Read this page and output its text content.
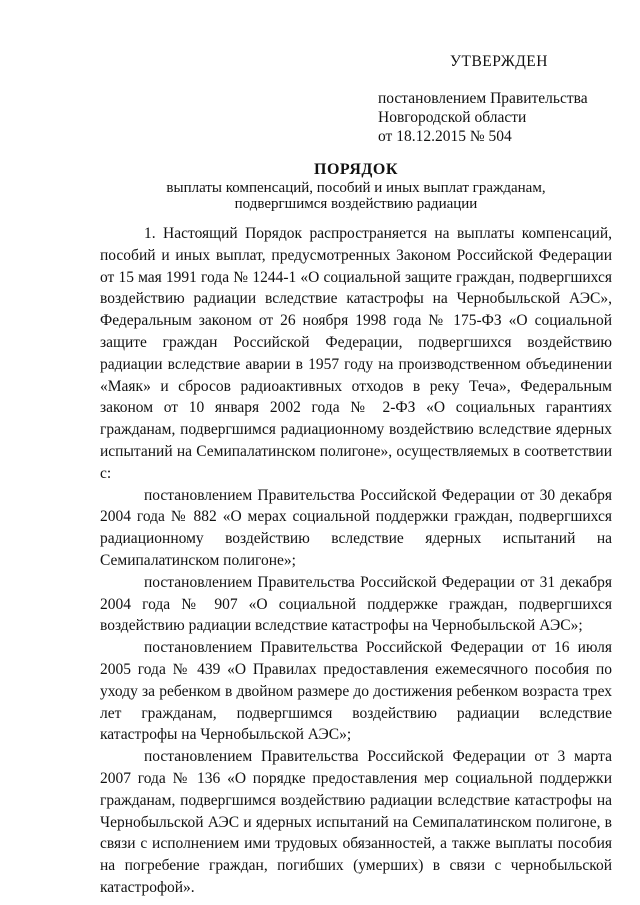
УТВЕРЖДЕН
постановлением Правительства
Новгородской области
от 18.12.2015 № 504
ПОРЯДОК
выплаты компенсаций, пособий и иных выплат гражданам,
подвергшимся воздействию радиации

1. Настоящий Порядок распространяется на выплаты компенсаций, пособий и иных выплат, предусмотренных Законом Российской Федерации от 15 мая 1991 года № 1244-1 «О социальной защите граждан, подвергшихся воздействию радиации вследствие катастрофы на Чернобыльской АЭС», Федеральным законом от 26 ноября 1998 года № 175-ФЗ «О социальной защите граждан Российской Федерации, подвергшихся воздействию радиации вследствие аварии в 1957 году на производственном объединении «Маяк» и сбросов радиоактивных отходов в реку Теча», Федеральным законом от 10 января 2002 года № 2-ФЗ «О социальных гарантиях гражданам, подвергшимся радиационному воздействию вследствие ядерных испытаний на Семипалатинском полигоне», осуществляемых в соответствии с:

постановлением Правительства Российской Федерации от 30 декабря 2004 года № 882 «О мерах социальной поддержки граждан, подвергшихся радиационному воздействию вследствие ядерных испытаний на Семипалатинском полигоне»;

постановлением Правительства Российской Федерации от 31 декабря 2004 года № 907 «О социальной поддержке граждан, подвергшихся воздействию радиации вследствие катастрофы на Чернобыльской АЭС»;

постановлением Правительства Российской Федерации от 16 июля 2005 года № 439 «О Правилах предоставления ежемесячного пособия по уходу за ребенком в двойном размере до достижения ребенком возраста трех лет гражданам, подвергшимся воздействию радиации вследствие катастрофы на Чернобыльской АЭС»;

постановлением Правительства Российской Федерации от 3 марта 2007 года № 136 «О порядке предоставления мер социальной поддержки гражданам, подвергшимся воздействию радиации вследствие катастрофы на Чернобыльской АЭС и ядерных испытаний на Семипалатинском полигоне, в связи с исполнением ими трудовых обязанностей, а также выплаты пособия на погребение граждан, погибших (умерших) в связи с чернобыльской катастрофой».
